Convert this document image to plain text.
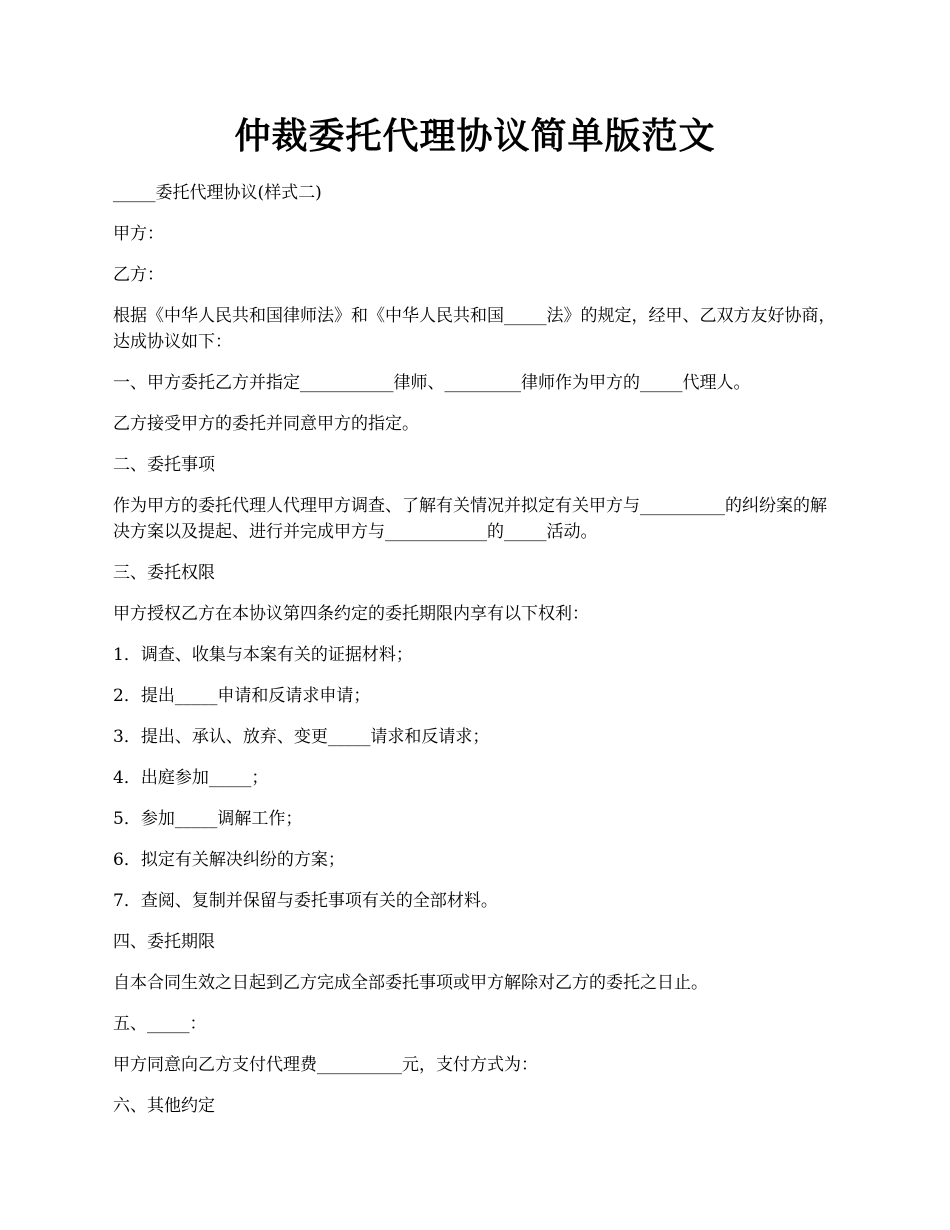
仲裁委托代理协议简单版范文

_____委托代理协议(样式二)

甲方：

乙方：

根据《中华人民共和国律师法》和《中华人民共和国_____法》的规定，经甲、乙双方友好协商，达成协议如下：

一、甲方委托乙方并指定___________律师、_________律师作为甲方的_____代理人。

乙方接受甲方的委托并同意甲方的指定。

二、委托事项

作为甲方的委托代理人代理甲方调查、了解有关情况并拟定有关甲方与__________的纠纷案的解决方案以及提起、进行并完成甲方与____________的_____活动。

三、委托权限

甲方授权乙方在本协议第四条约定的委托期限内享有以下权利：

1．调查、收集与本案有关的证据材料；

2．提出_____申请和反请求申请；

3．提出、承认、放弃、变更_____请求和反请求；

4．出庭参加_____；

5．参加_____调解工作；

6．拟定有关解决纠纷的方案；

7．查阅、复制并保留与委托事项有关的全部材料。

四、委托期限

自本合同生效之日起到乙方完成全部委托事项或甲方解除对乙方的委托之日止。

五、_____：

甲方同意向乙方支付代理费__________元，支付方式为：

六、其他约定
